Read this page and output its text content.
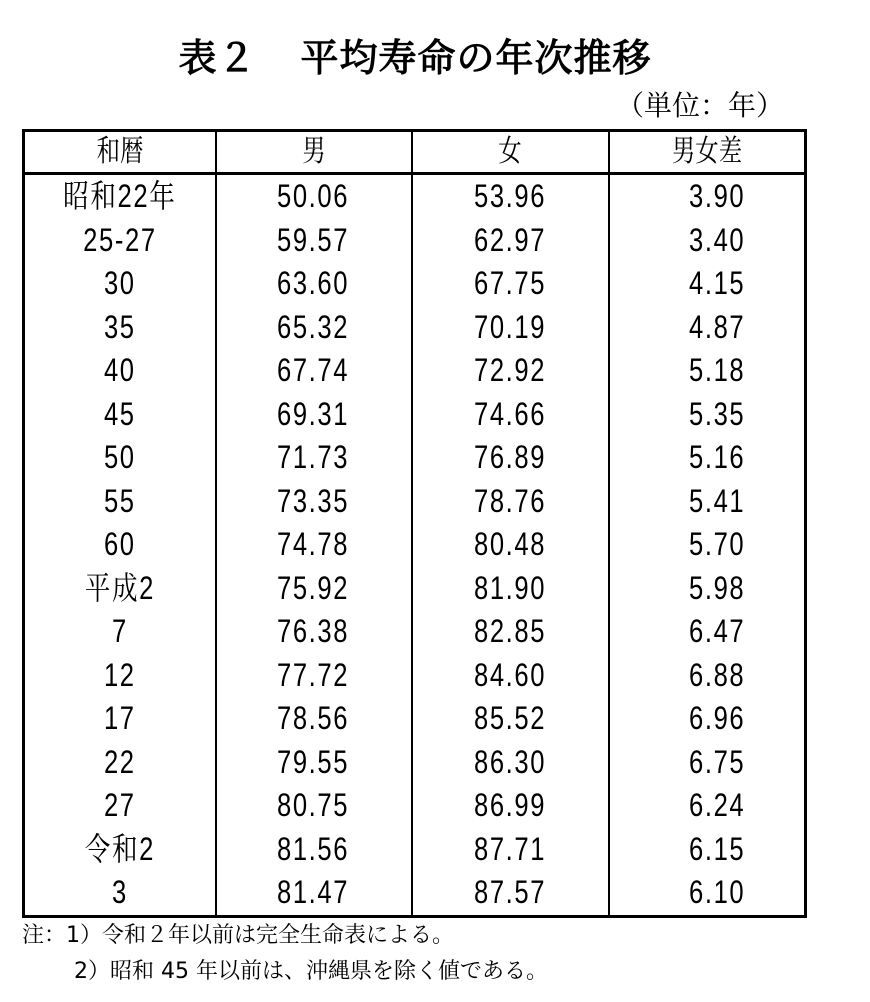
表２ 平均寿命の年次推移
（単位：年）
和暦	男	女	男女差
昭和22年	50.06	53.96	3.90
25-27	59.57	62.97	3.40
30	63.60	67.75	4.15
35	65.32	70.19	4.87
40	67.74	72.92	5.18
45	69.31	74.66	5.35
50	71.73	76.89	5.16
55	73.35	78.76	5.41
60	74.78	80.48	5.70
平成2	75.92	81.90	5.98
7	76.38	82.85	6.47
12	77.72	84.60	6.88
17	78.56	85.52	6.96
22	79.55	86.30	6.75
27	80.75	86.99	6.24
令和2	81.56	87.71	6.15
3	81.47	87.57	6.10
注：1）令和２年以前は完全生命表による。
2）昭和 45 年以前は、沖縄県を除く値である。
